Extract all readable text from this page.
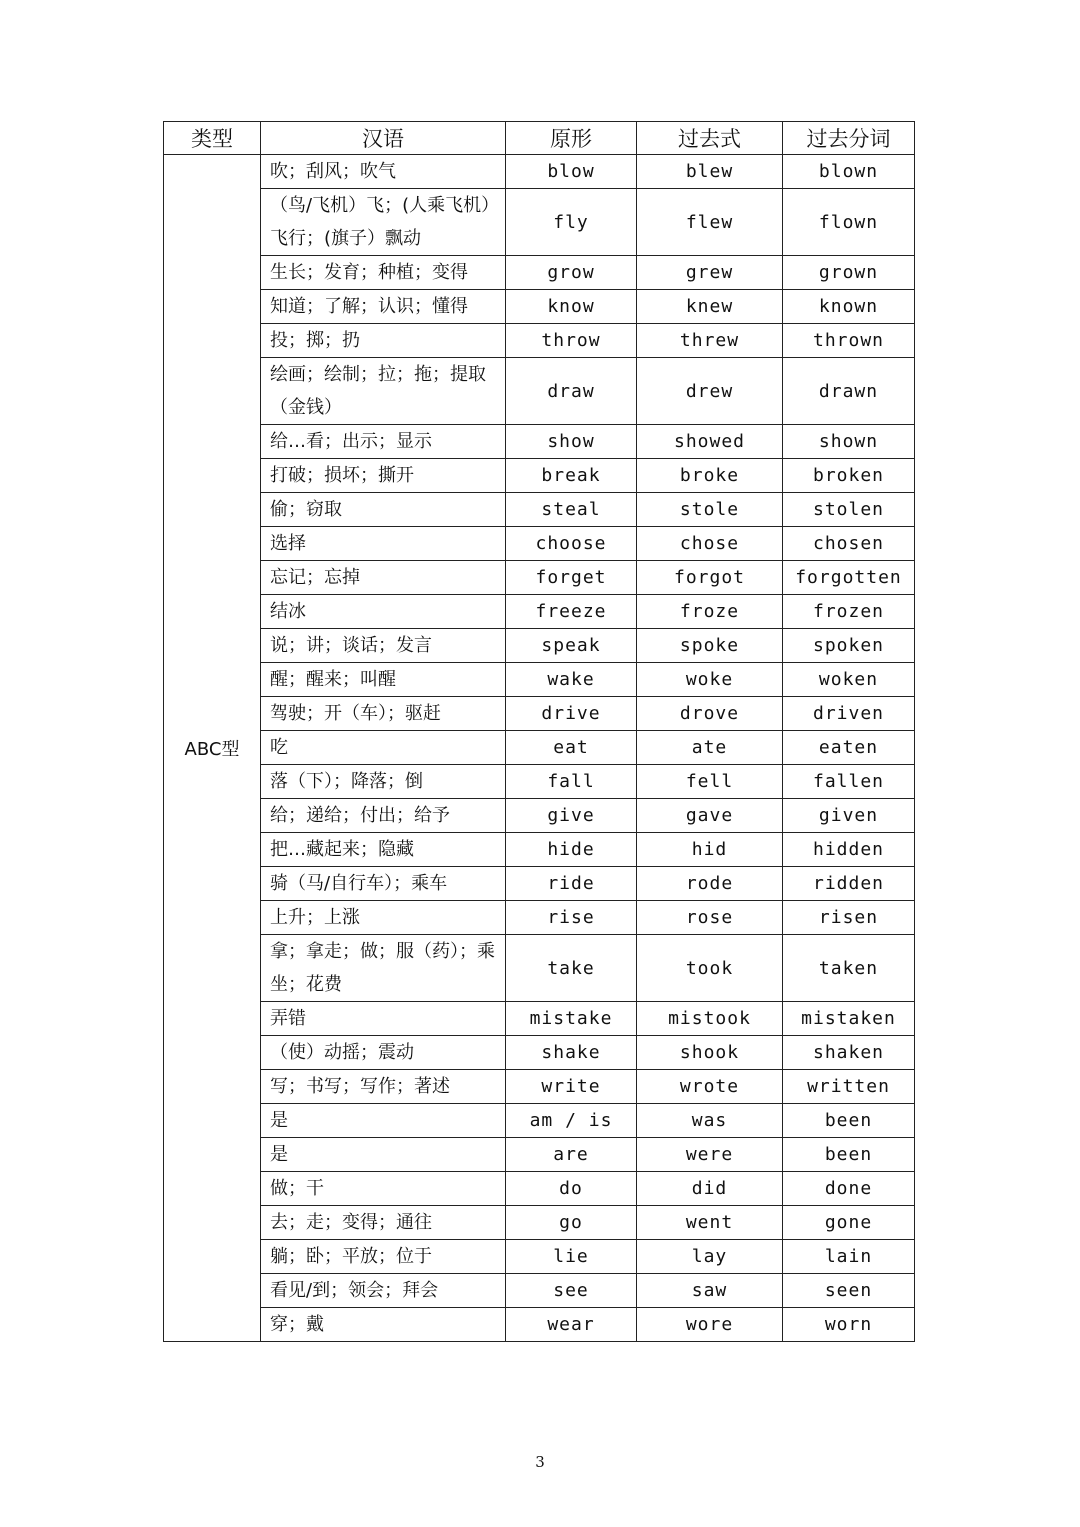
类型	汉语	原形	过去式	过去分词
ABC型	吹；刮风；吹气	blow	blew	blown
	（鸟/飞机）飞；(人乘飞机）飞行；(旗子）飘动	fly	flew	flown
	生长；发育；种植；变得	grow	grew	grown
	知道；了解；认识；懂得	know	knew	known
	投；掷；扔	throw	threw	thrown
	绘画；绘制；拉；拖；提取（金钱）	draw	drew	drawn
	给…看；出示；显示	show	showed	shown
	打破；损坏；撕开	break	broke	broken
	偷；窃取	steal	stole	stolen
	选择	choose	chose	chosen
	忘记；忘掉	forget	forgot	forgotten
	结冰	freeze	froze	frozen
	说；讲；谈话；发言	speak	spoke	spoken
	醒；醒来；叫醒	wake	woke	woken
	驾驶；开（车）；驱赶	drive	drove	driven
	吃	eat	ate	eaten
	落（下）；降落；倒	fall	fell	fallen
	给；递给；付出；给予	give	gave	given
	把…藏起来；隐藏	hide	hid	hidden
	骑（马/自行车）；乘车	ride	rode	ridden
	上升；上涨	rise	rose	risen
	拿；拿走；做；服（药）；乘坐；花费	take	took	taken
	弄错	mistake	mistook	mistaken
	（使）动摇；震动	shake	shook	shaken
	写；书写；写作；著述	write	wrote	written
	是	am / is	was	been
	是	are	were	been
	做；干	do	did	done
	去；走；变得；通往	go	went	gone
	躺；卧；平放；位于	lie	lay	lain
	看见/到；领会；拜会	see	saw	seen
	穿；戴	wear	wore	worn
3
